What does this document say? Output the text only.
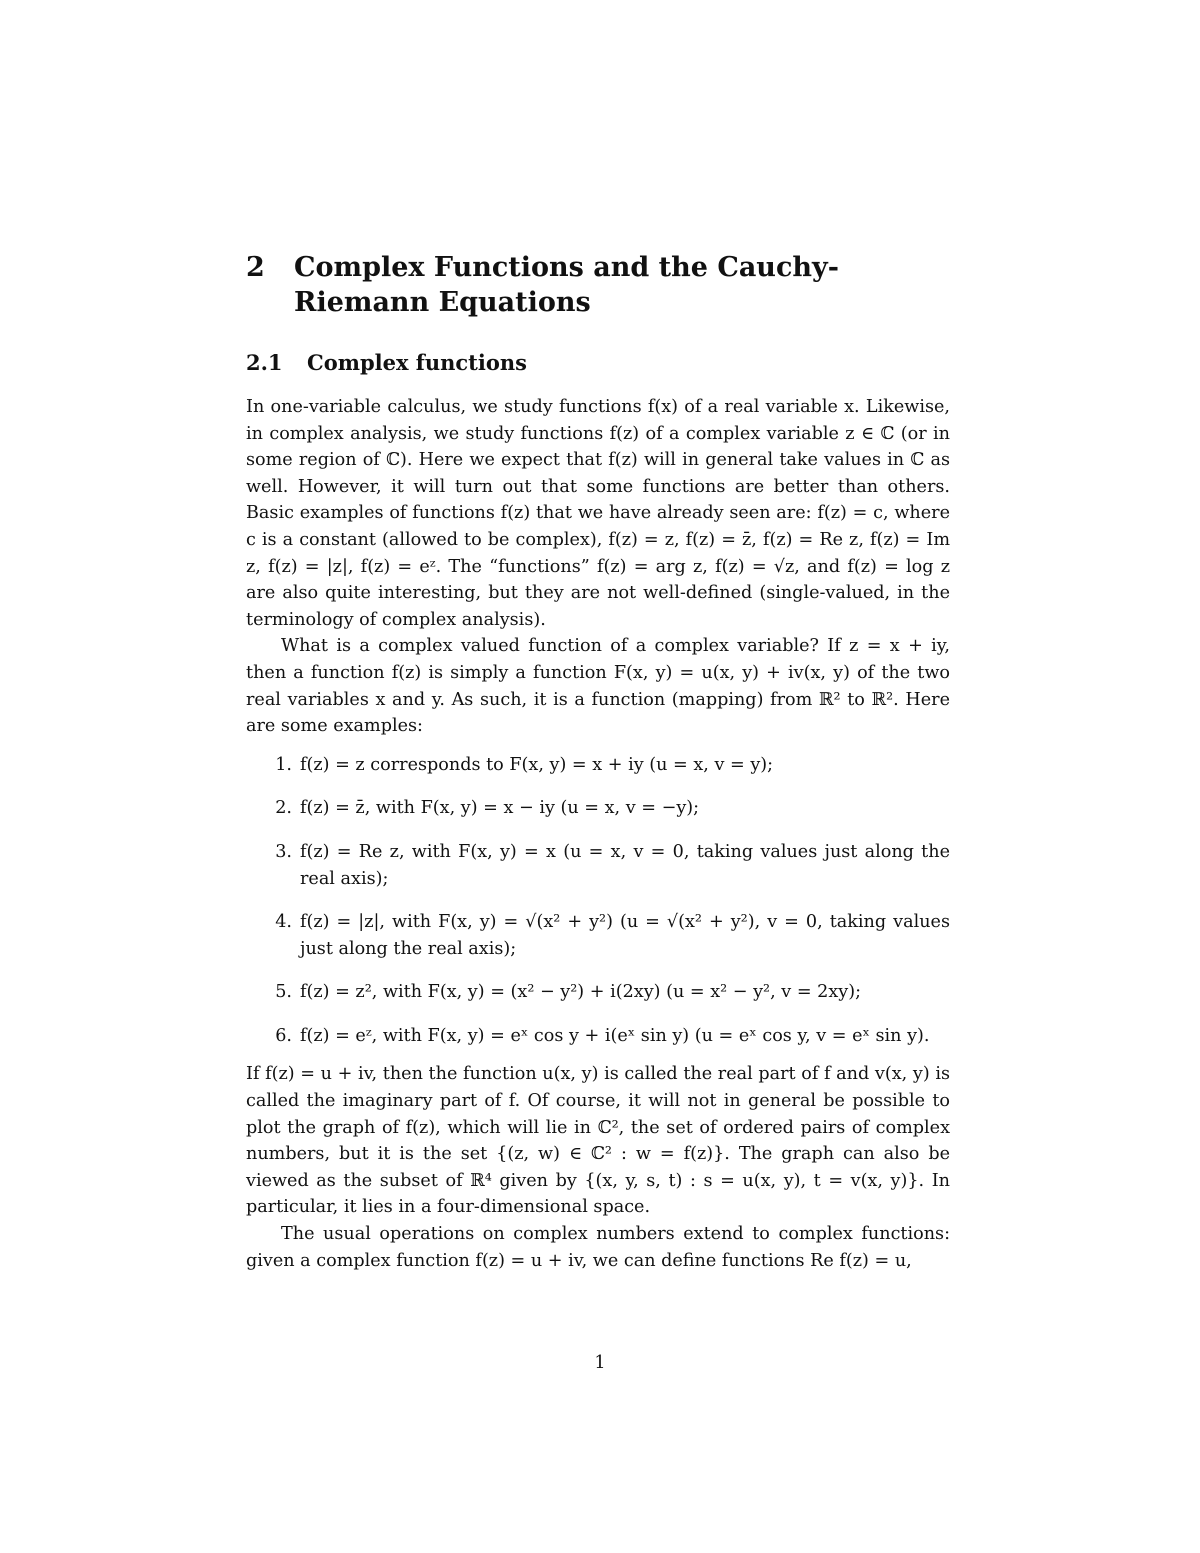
2	Complex Functions and the Cauchy-Riemann Equations
2.1	Complex functions

In one-variable calculus, we study functions f(x) of a real variable x. Likewise, in complex analysis, we study functions f(z) of a complex variable z ∈ ℂ (or in some region of ℂ). Here we expect that f(z) will in general take values in ℂ as well. However, it will turn out that some functions are better than others. Basic examples of functions f(z) that we have already seen are: f(z) = c, where c is a constant (allowed to be complex), f(z) = z, f(z) = z̄, f(z) = Re z, f(z) = Im z, f(z) = |z|, f(z) = eᶻ. The “functions” f(z) = arg z, f(z) = √z, and f(z) = log z are also quite interesting, but they are not well-defined (single-valued, in the terminology of complex analysis).

What is a complex valued function of a complex variable? If z = x + iy, then a function f(z) is simply a function F(x, y) = u(x, y) + iv(x, y) of the two real variables x and y. As such, it is a function (mapping) from ℝ² to ℝ². Here are some examples:

1. f(z) = z corresponds to F(x, y) = x + iy (u = x, v = y);
2. f(z) = z̄, with F(x, y) = x − iy (u = x, v = −y);
3. f(z) = Re z, with F(x, y) = x (u = x, v = 0, taking values just along the real axis);
4. f(z) = |z|, with F(x, y) = √(x² + y²) (u = √(x² + y²), v = 0, taking values just along the real axis);
5. f(z) = z², with F(x, y) = (x² − y²) + i(2xy) (u = x² − y², v = 2xy);
6. f(z) = eᶻ, with F(x, y) = eˣ cos y + i(eˣ sin y) (u = eˣ cos y, v = eˣ sin y).

If f(z) = u + iv, then the function u(x, y) is called the real part of f and v(x, y) is called the imaginary part of f. Of course, it will not in general be possible to plot the graph of f(z), which will lie in ℂ², the set of ordered pairs of complex numbers, but it is the set {(z, w) ∈ ℂ² : w = f(z)}. The graph can also be viewed as the subset of ℝ⁴ given by {(x, y, s, t) : s = u(x, y), t = v(x, y)}. In particular, it lies in a four-dimensional space.

The usual operations on complex numbers extend to complex functions: given a complex function f(z) = u + iv, we can define functions Re f(z) = u,

1
